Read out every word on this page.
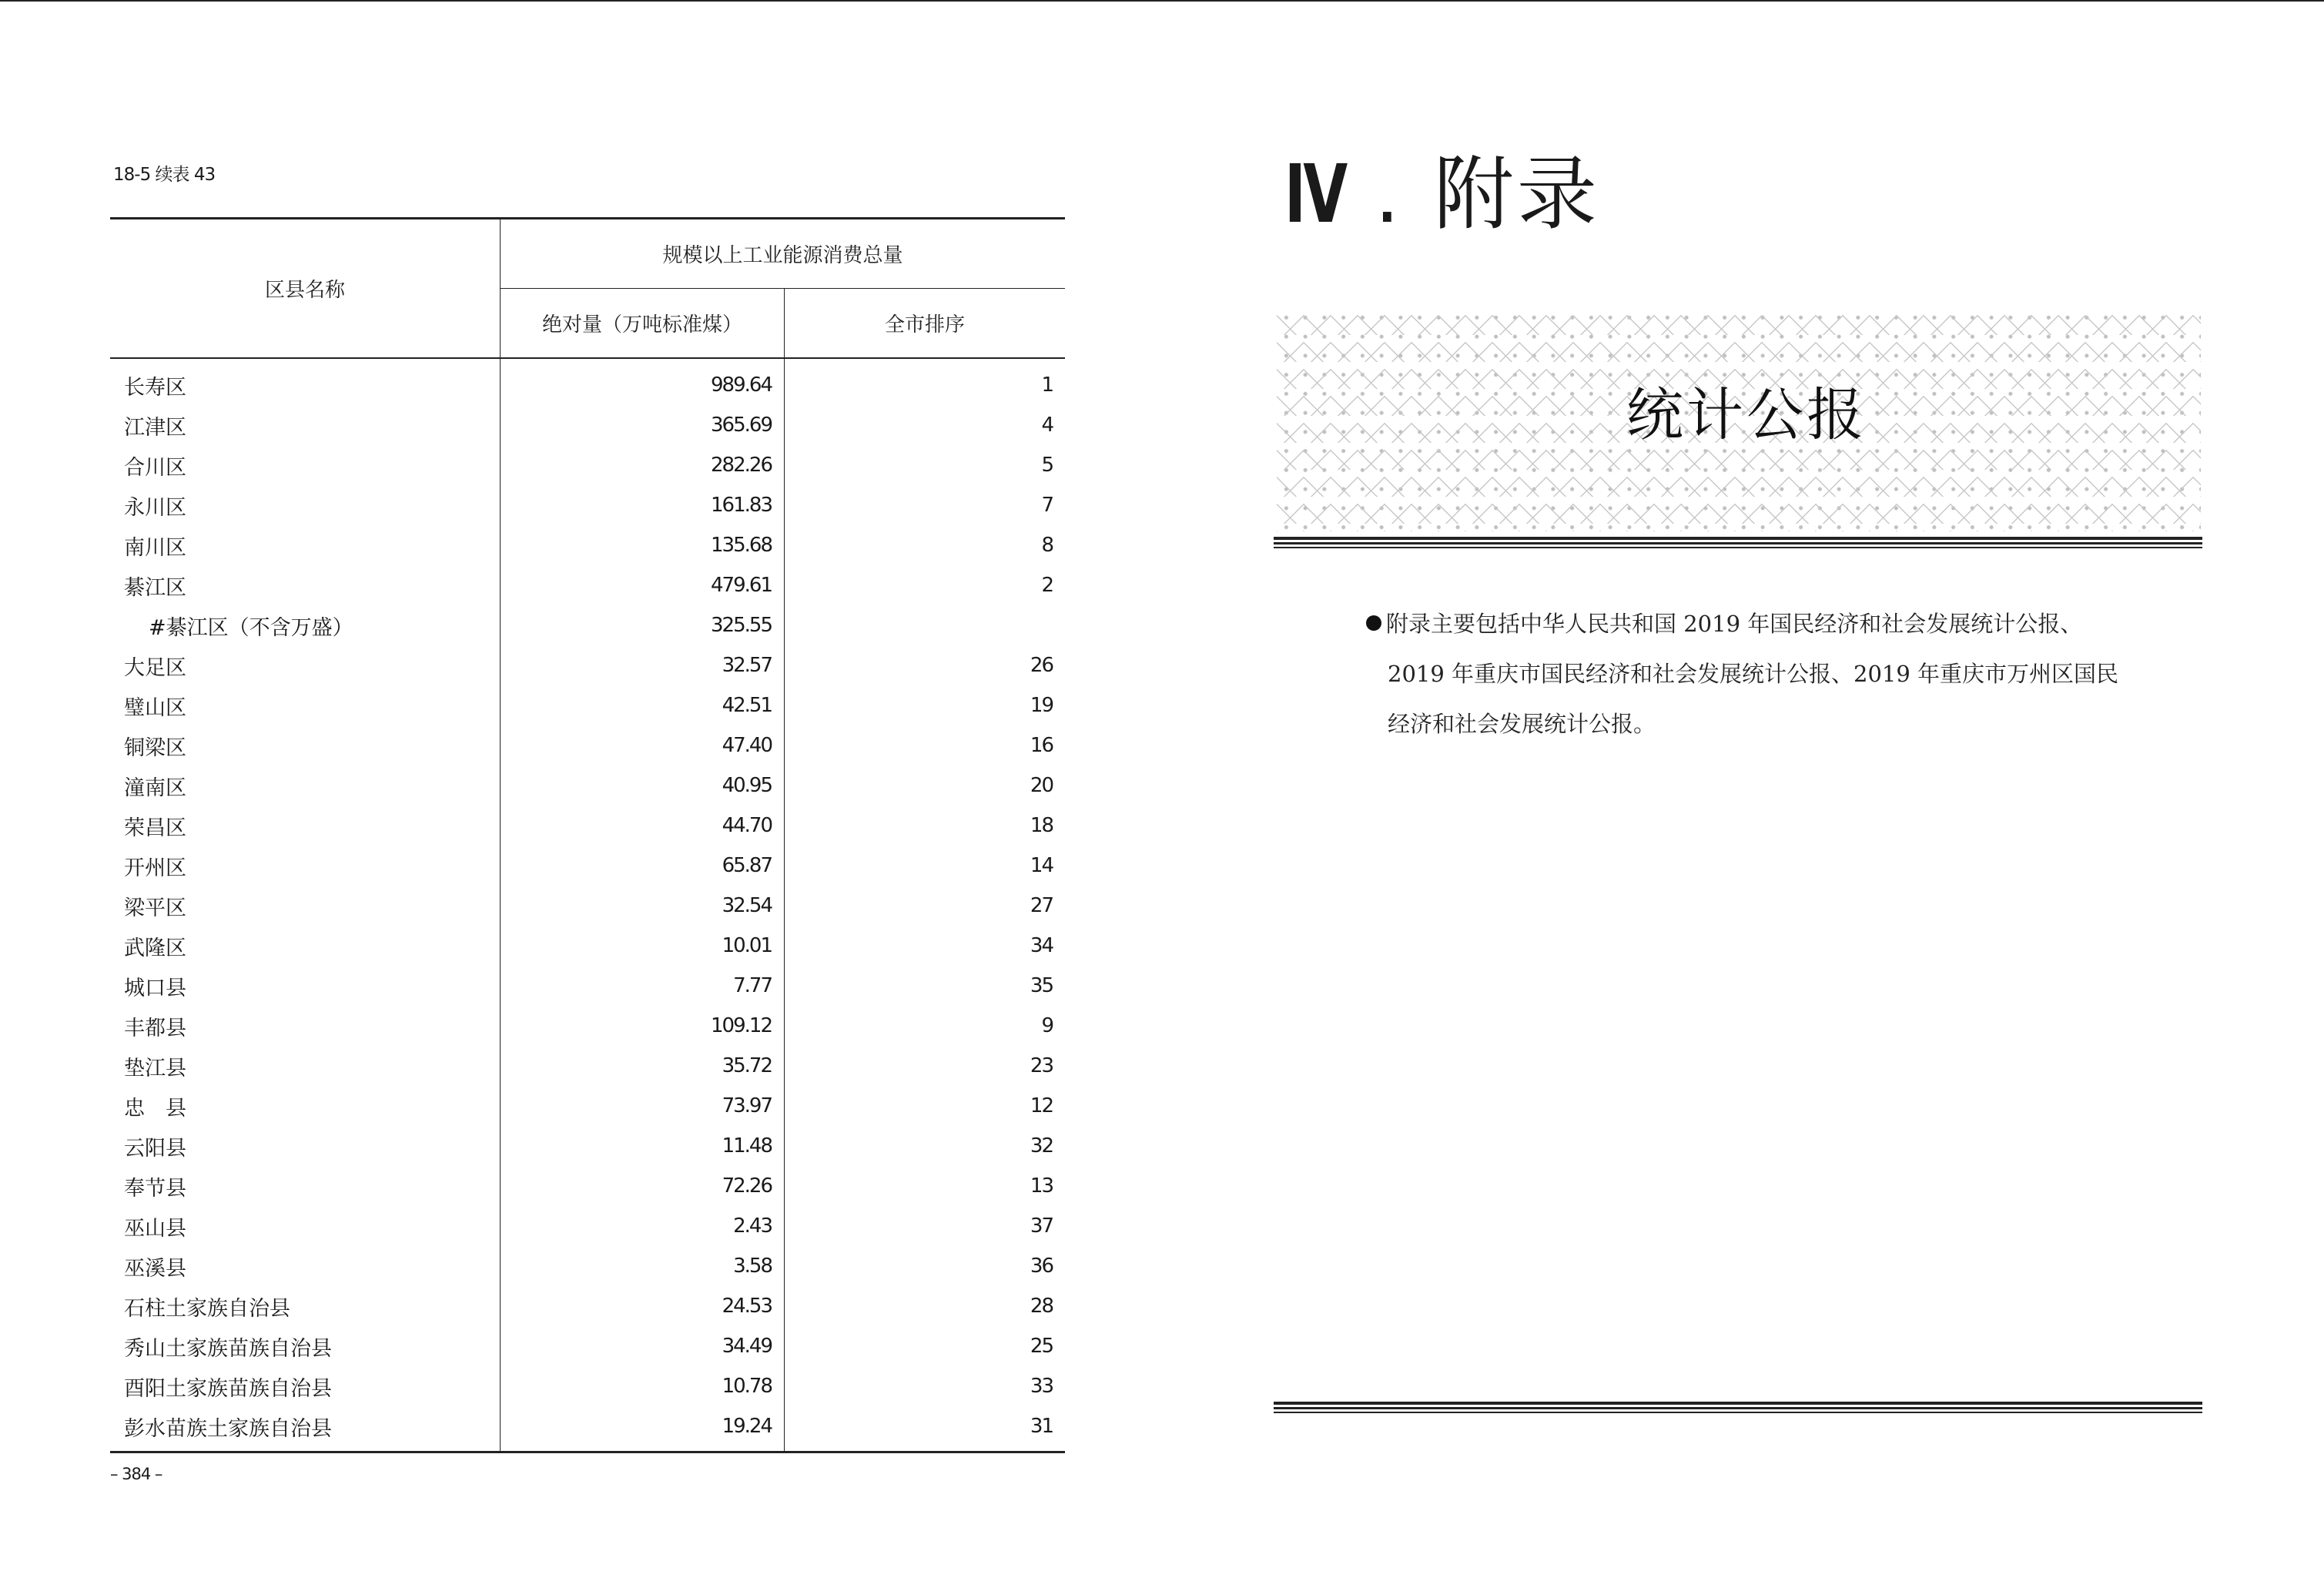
18-5 续表 43
区县名称	规模以上工业能源消费总量	
	绝对量（万吨标准煤）	全市排序
长寿区	989.64	1
江津区	365.69	4
合川区	282.26	5
永川区	161.83	7
南川区	135.68	8
綦江区	479.61	2
#綦江区（不含万盛）	325.55	
大足区	32.57	26
璧山区	42.51	19
铜梁区	47.40	16
潼南区	40.95	20
荣昌区	44.70	18
开州区	65.87	14
梁平区	32.54	27
武隆区	10.01	34
城口县	7.77	35
丰都县	109.12	9
垫江县	35.72	23
忠　县	73.97	12
云阳县	11.48	32
奉节县	72.26	13
巫山县	2.43	37
巫溪县	3.58	36
石柱土家族自治县	24.53	28
秀山土家族苗族自治县	34.49	25
酉阳土家族苗族自治县	10.78	33
彭水苗族土家族自治县	19.24	31
– 384 –
Ⅳ . 附录
统计公报
附录主要包括中华人民共和国 2019 年国民经济和社会发展统计公报、
2019 年重庆市国民经济和社会发展统计公报、2019 年重庆市万州区国民
经济和社会发展统计公报。
